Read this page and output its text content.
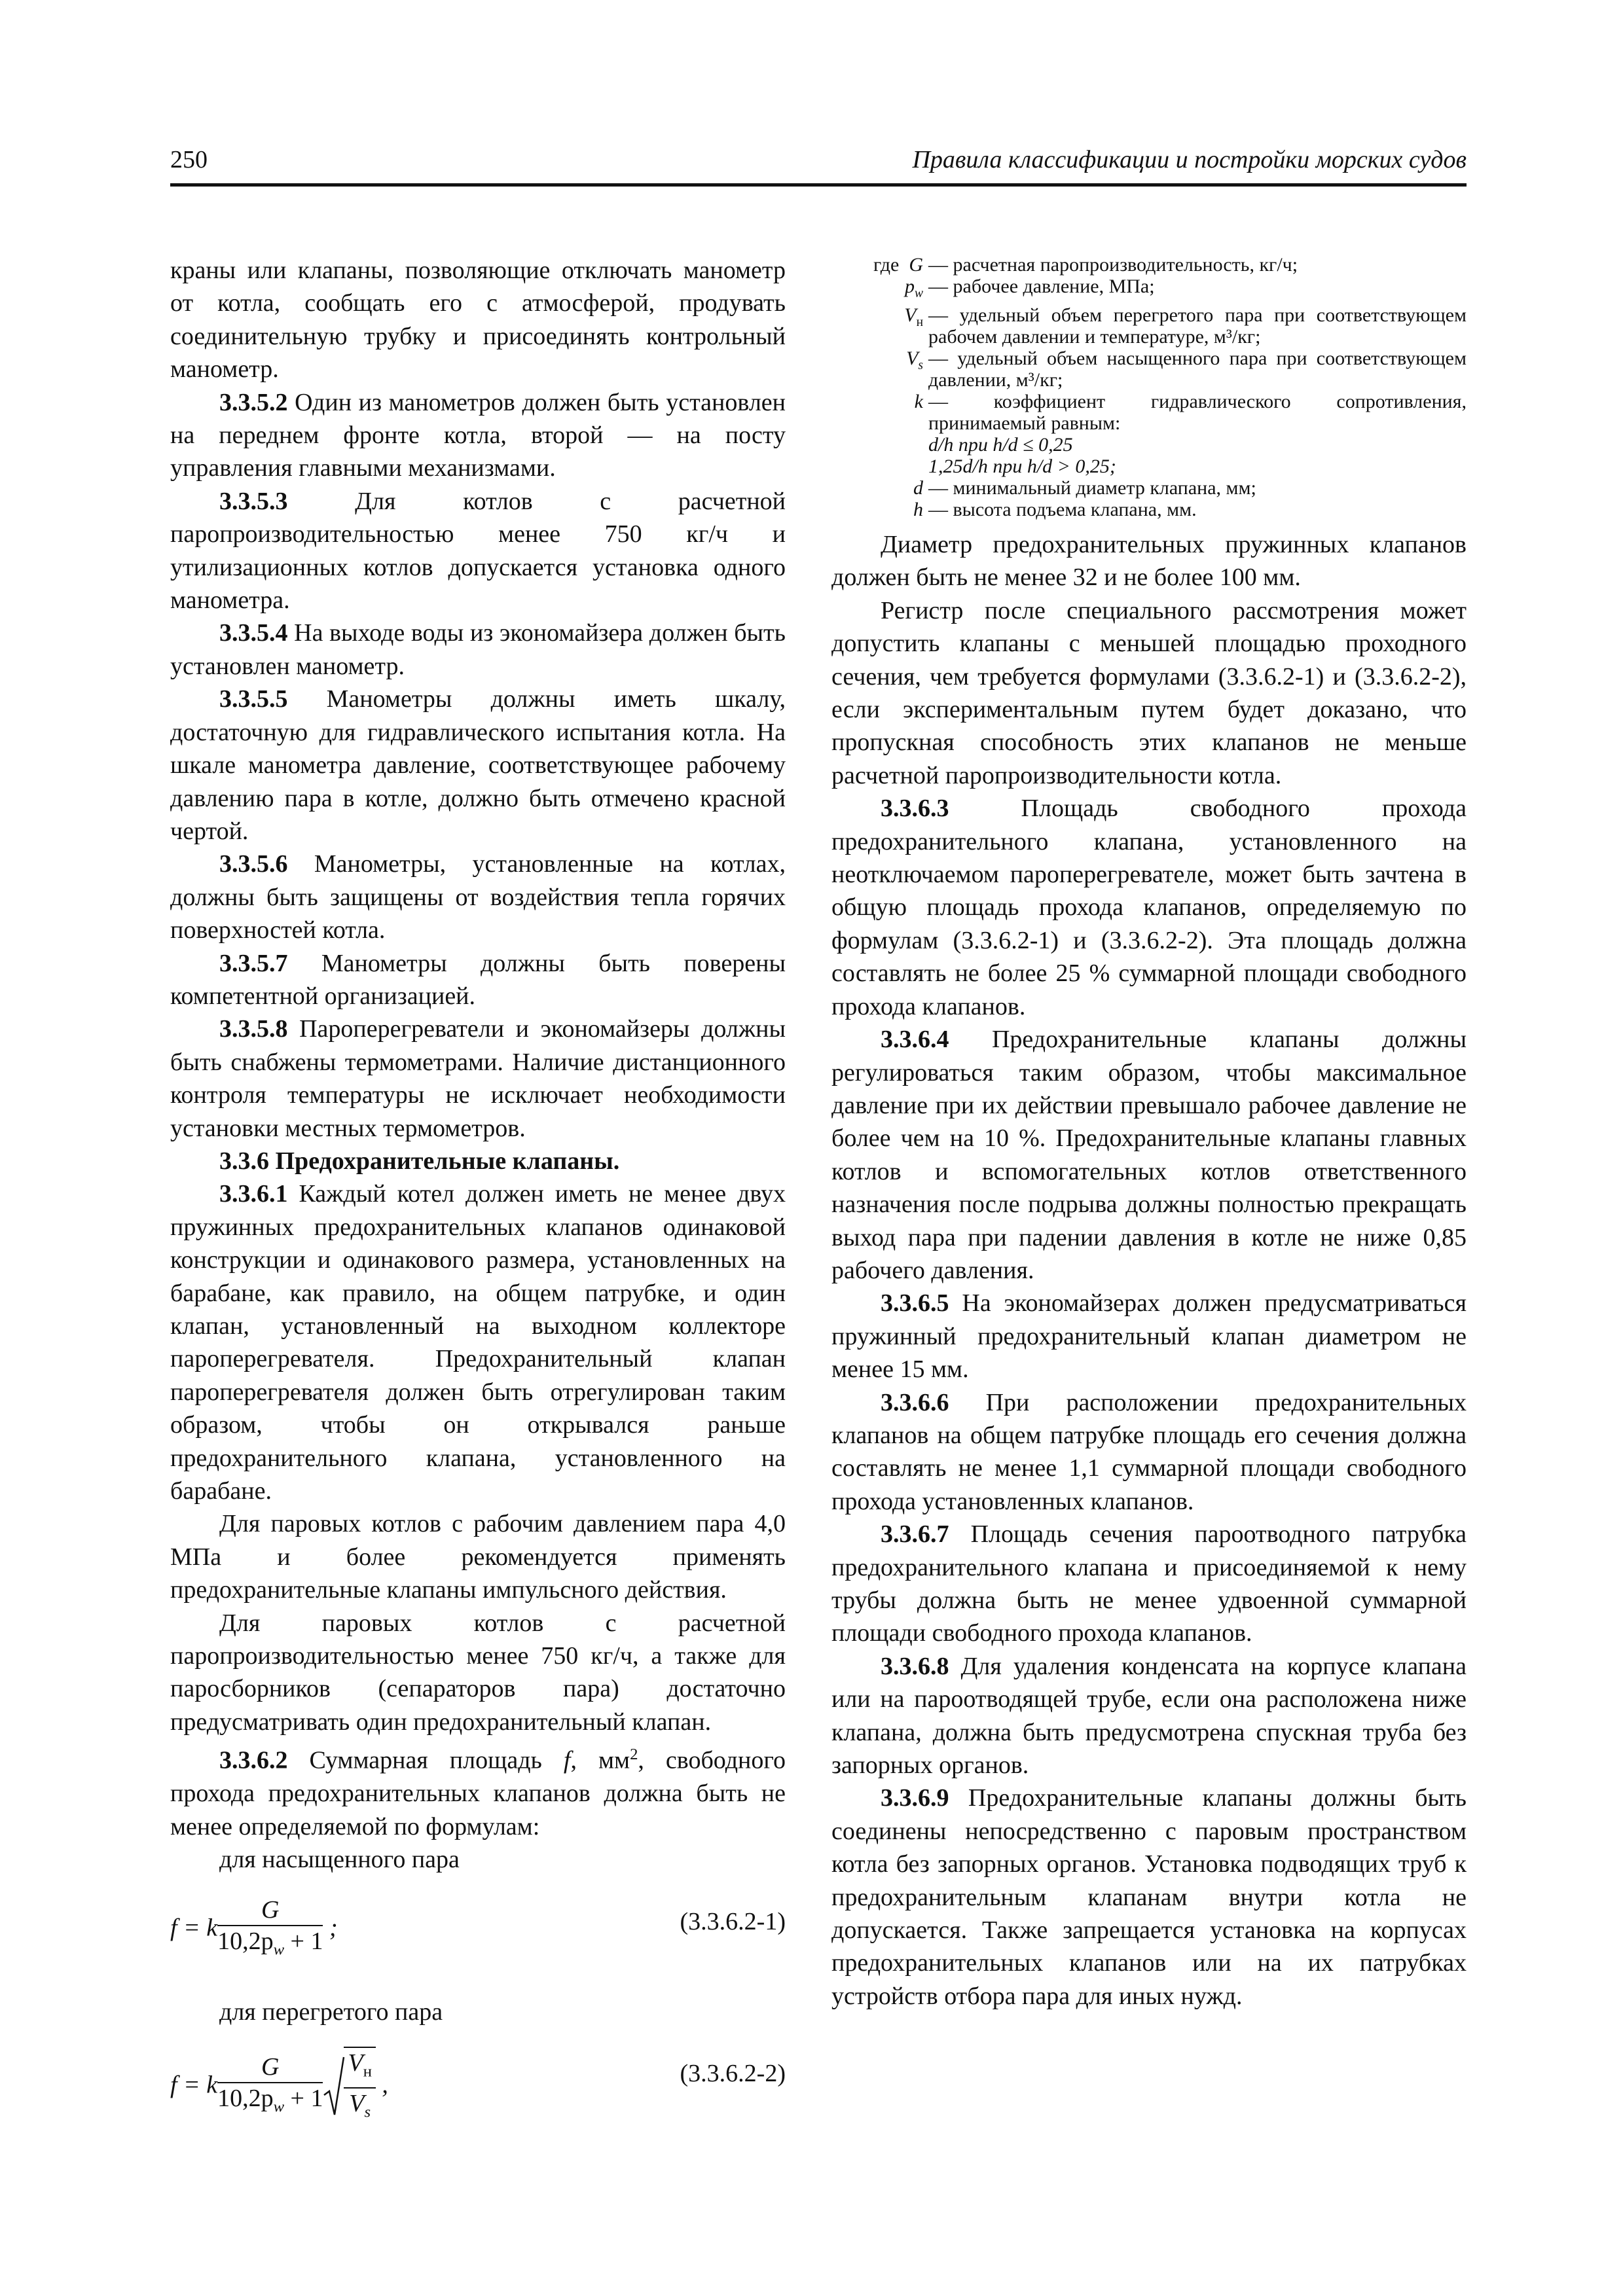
250	Правила классификации и постройки морских судов

краны или клапаны, позволяющие отключать манометр от котла, сообщать его с атмосферой, продувать соединительную трубку и присоединять контрольный манометр.

3.3.5.2 Один из манометров должен быть установлен на переднем фронте котла, второй — на посту управления главными механизмами.

3.3.5.3 Для котлов с расчетной паропроизводительностью менее 750 кг/ч и утилизационных котлов допускается установка одного манометра.

3.3.5.4 На выходе воды из экономайзера должен быть установлен манометр.

3.3.5.5 Манометры должны иметь шкалу, достаточную для гидравлического испытания котла. На шкале манометра давление, соответствующее рабочему давлению пара в котле, должно быть отмечено красной чертой.

3.3.5.6 Манометры, установленные на котлах, должны быть защищены от воздействия тепла горячих поверхностей котла.

3.3.5.7 Манометры должны быть поверены компетентной организацией.

3.3.5.8 Пароперегреватели и экономайзеры должны быть снабжены термометрами. Наличие дистанционного контроля температуры не исключает необходимости установки местных термометров.

3.3.6 Предохранительные клапаны.

3.3.6.1 Каждый котел должен иметь не менее двух пружинных предохранительных клапанов одинаковой конструкции и одинакового размера, установленных на барабане, как правило, на общем патрубке, и один клапан, установленный на выходном коллекторе пароперегревателя. Предохранительный клапан пароперегревателя должен быть отрегулирован таким образом, чтобы он открывался раньше предохранительного клапана, установленного на барабане.

Для паровых котлов с рабочим давлением пара 4,0 МПа и более рекомендуется применять предохранительные клапаны импульсного действия.

Для паровых котлов с расчетной паропроизводительностью менее 750 кг/ч, а также для паросборников (сепараторов пара) достаточно предусматривать один предохранительный клапан.

3.3.6.2 Суммарная площадь f, $мм^2$, свободного прохода предохранительных клапанов должна быть не менее определяемой по формулам:

для насыщенного пара

f = k $\frac{G}{10,2p_w + 1}$ ;	(3.3.6.2-1)

для перегретого пара

f = k $\frac{G}{10,2p_w + 1} \frac{V_н}{V_s}$ ,	(3.3.6.2-2)
где G — расчетная паропроизводительность, кг/ч;
$p_w$ — рабочее давление, МПа;
$V_н$ — удельный объем перегретого пара при соответствующем рабочем давлении и температуре, м³/кг;
$V_s$ — удельный объем насыщенного пара при соответствующем давлении, м³/кг;
k — коэффициент гидравлического сопротивления, принимаемый равным:
d/h при h/d ≤ 0,25
1,25d/h при h/d > 0,25;
d — минимальный диаметр клапана, мм;
h — высота подъема клапана, мм.

Диаметр предохранительных пружинных клапанов должен быть не менее 32 и не более 100 мм.

Регистр после специального рассмотрения может допустить клапаны с меньшей площадью проходного сечения, чем требуется формулами (3.3.6.2-1) и (3.3.6.2-2), если экспериментальным путем будет доказано, что пропускная способность этих клапанов не меньше расчетной паропроизводительности котла.

3.3.6.3 Площадь свободного прохода предохранительного клапана, установленного на неотключаемом пароперегревателе, может быть зачтена в общую площадь прохода клапанов, определяемую по формулам (3.3.6.2-1) и (3.3.6.2-2). Эта площадь должна составлять не более 25 % суммарной площади свободного прохода клапанов.

3.3.6.4 Предохранительные клапаны должны регулироваться таким образом, чтобы максимальное давление при их действии превышало рабочее давление не более чем на 10 %. Предохранительные клапаны главных котлов и вспомогательных котлов ответственного назначения после подрыва должны полностью прекращать выход пара при падении давления в котле не ниже 0,85 рабочего давления.

3.3.6.5 На экономайзерах должен предусматриваться пружинный предохранительный клапан диаметром не менее 15 мм.

3.3.6.6 При расположении предохранительных клапанов на общем патрубке площадь его сечения должна составлять не менее 1,1 суммарной площади свободного прохода установленных клапанов.

3.3.6.7 Площадь сечения пароотводного патрубка предохранительного клапана и присоединяемой к нему трубы должна быть не менее удвоенной суммарной площади свободного прохода клапанов.

3.3.6.8 Для удаления конденсата на корпусе клапана или на пароотводящей трубе, если она расположена ниже клапана, должна быть предусмотрена спускная труба без запорных органов.

3.3.6.9 Предохранительные клапаны должны быть соединены непосредственно с паровым пространством котла без запорных органов. Установка подводящих труб к предохранительным клапанам внутри котла не допускается. Также запрещается установка на корпусах предохранительных клапанов или на их патрубках устройств отбора пара для иных нужд.
